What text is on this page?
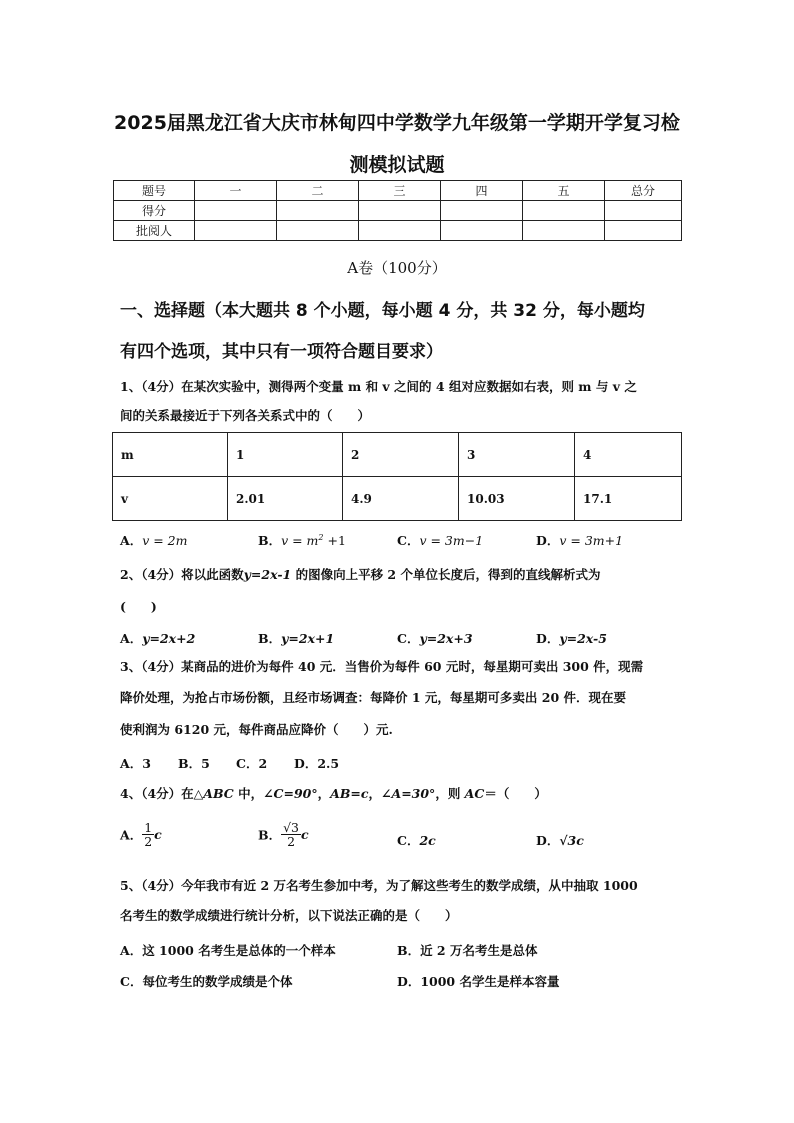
2025届黑龙江省大庆市林甸四中学数学九年级第一学期开学复习检
测模拟试题
题号	一	二	三	四	五	总分
得分						
批阅人						
A卷（100分）
一、选择题（本大题共 8 个小题，每小题 4 分，共 32 分，每小题均
有四个选项，其中只有一项符合题目要求）
1、（4分）在某次实验中，测得两个变量 m 和 v 之间的 4 组对应数据如右表，则 m 与 v 之
间的关系最接近于下列各关系式中的（　　）
m	1	2	3	4
v	2.01	4.9	10.03	17.1
A．v = 2m	B．$v = m^2 +1$	C．v = 3m−1	D．v = 3m+1
2、（4分）将以此函数y=2x-1 的图像向上平移 2 个单位长度后，得到的直线解析式为
(　　)
A．y=2x+2	B．y=2x+1	C．y=2x+3	D．y=2x-5
3、（4分）某商品的进价为每件 40 元．当售价为每件 60 元时，每星期可卖出 300 件，现需
降价处理，为抢占市场份额，且经市场调查：每降价 1 元，每星期可多卖出 20 件．现在要
使利润为 6120 元，每件商品应降价（　　）元.
A．3 B．5 C．2 D．2.5
4、（4分）在△ABC 中，∠C=90°，AB=c，∠A=30°，则 AC＝（　　）
A． $\frac{1}{2}$ c	B． $\frac{√3}{2}$ c	C．2c	D．√3c
5、（4分）今年我市有近 2 万名考生参加中考，为了解这些考生的数学成绩，从中抽取 1000
名考生的数学成绩进行统计分析，以下说法正确的是（　　）
A．这 1000 名考生是总体的一个样本	B．近 2 万名考生是总体
C．每位考生的数学成绩是个体	D．1000 名学生是样本容量
